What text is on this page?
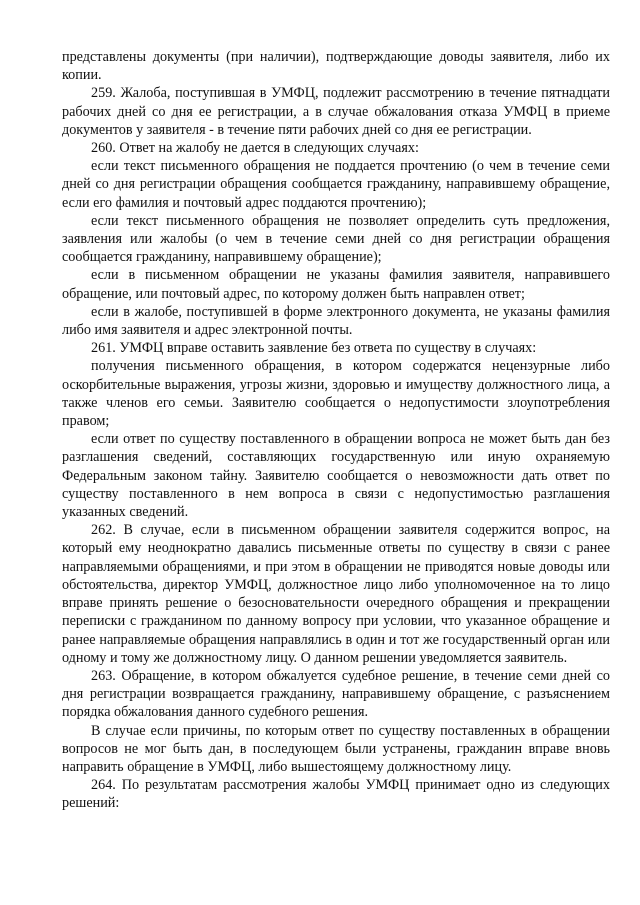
представлены документы (при наличии), подтверждающие доводы заявителя, либо их копии.

259. Жалоба, поступившая в УМФЦ, подлежит рассмотрению в течение пятнадцати рабочих дней со дня ее регистрации, а в случае обжалования отказа УМФЦ в приеме документов у заявителя - в течение пяти рабочих дней со дня ее регистрации.

260. Ответ на жалобу не дается в следующих случаях:

если текст письменного обращения не поддается прочтению (о чем в течение семи дней со дня регистрации обращения сообщается гражданину, направившему обращение, если его фамилия и почтовый адрес поддаются прочтению);

если текст письменного обращения не позволяет определить суть предложения, заявления или жалобы (о чем в течение семи дней со дня регистрации обращения сообщается гражданину, направившему обращение);

если в письменном обращении не указаны фамилия заявителя, направившего обращение, или почтовый адрес, по которому должен быть направлен ответ;

если в жалобе, поступившей в форме электронного документа, не указаны фамилия либо имя заявителя и адрес электронной почты.

261. УМФЦ вправе оставить заявление без ответа по существу в случаях:

получения письменного обращения, в котором содержатся нецензурные либо оскорбительные выражения, угрозы жизни, здоровью и имуществу должностного лица, а также членов его семьи. Заявителю сообщается о недопустимости злоупотребления правом;

если ответ по существу поставленного в обращении вопроса не может быть дан без разглашения сведений, составляющих государственную или иную охраняемую Федеральным законом тайну. Заявителю сообщается о невозможности дать ответ по существу поставленного в нем вопроса в связи с недопустимостью разглашения указанных сведений.

262. В случае, если в письменном обращении заявителя содержится вопрос, на который ему неоднократно давались письменные ответы по существу в связи с ранее направляемыми обращениями, и при этом в обращении не приводятся новые доводы или обстоятельства, директор УМФЦ, должностное лицо либо уполномоченное на то лицо вправе принять решение о безосновательности очередного обращения и прекращении переписки с гражданином по данному вопросу при условии, что указанное обращение и ранее направляемые обращения направлялись в один и тот же государственный орган или одному и тому же должностному лицу. О данном решении уведомляется заявитель.

263. Обращение, в котором обжалуется судебное решение, в течение семи дней со дня регистрации возвращается гражданину, направившему обращение, с разъяснением порядка обжалования данного судебного решения.

В случае если причины, по которым ответ по существу поставленных в обращении вопросов не мог быть дан, в последующем были устранены, гражданин вправе вновь направить обращение в УМФЦ, либо вышестоящему должностному лицу.

264. По результатам рассмотрения жалобы УМФЦ принимает одно из следующих решений:
